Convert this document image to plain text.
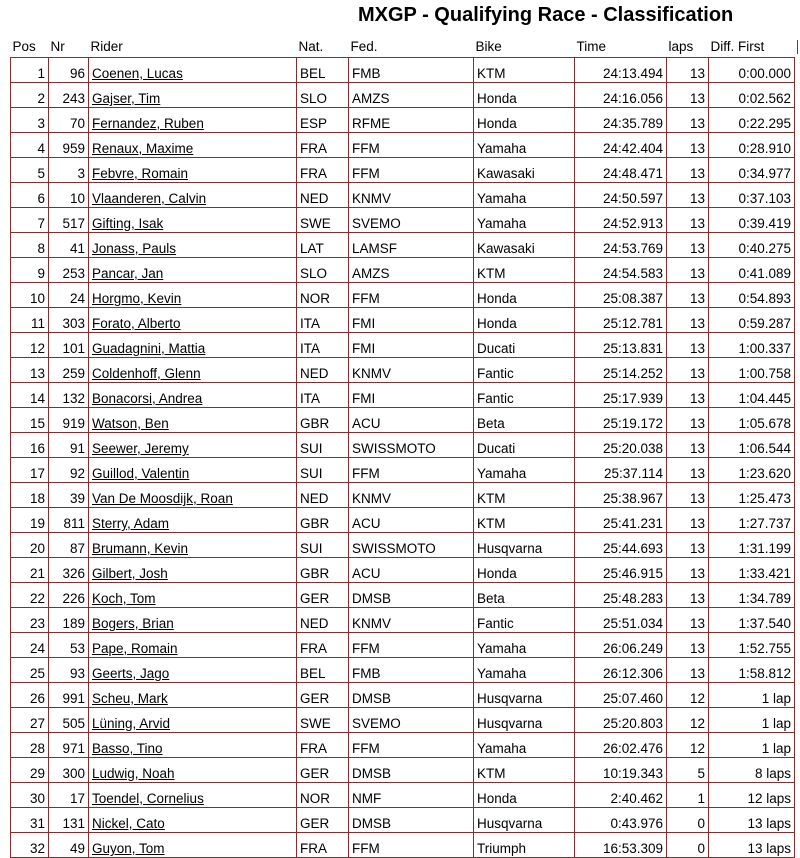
MXGP - Qualifying Race - Classification
Pos	Nr	Rider	Nat.	Fed.	Bike	Time	laps	Diff. First
1	96	Coenen, Lucas	BEL	FMB	KTM	24:13.494	13	0:00.000
2	243	Gajser, Tim	SLO	AMZS	Honda	24:16.056	13	0:02.562
3	70	Fernandez, Ruben	ESP	RFME	Honda	24:35.789	13	0:22.295
4	959	Renaux, Maxime	FRA	FFM	Yamaha	24:42.404	13	0:28.910
5	3	Febvre, Romain	FRA	FFM	Kawasaki	24:48.471	13	0:34.977
6	10	Vlaanderen, Calvin	NED	KNMV	Yamaha	24:50.597	13	0:37.103
7	517	Gifting, Isak	SWE	SVEMO	Yamaha	24:52.913	13	0:39.419
8	41	Jonass, Pauls	LAT	LAMSF	Kawasaki	24:53.769	13	0:40.275
9	253	Pancar, Jan	SLO	AMZS	KTM	24:54.583	13	0:41.089
10	24	Horgmo, Kevin	NOR	FFM	Honda	25:08.387	13	0:54.893
11	303	Forato, Alberto	ITA	FMI	Honda	25:12.781	13	0:59.287
12	101	Guadagnini, Mattia	ITA	FMI	Ducati	25:13.831	13	1:00.337
13	259	Coldenhoff, Glenn	NED	KNMV	Fantic	25:14.252	13	1:00.758
14	132	Bonacorsi, Andrea	ITA	FMI	Fantic	25:17.939	13	1:04.445
15	919	Watson, Ben	GBR	ACU	Beta	25:19.172	13	1:05.678
16	91	Seewer, Jeremy	SUI	SWISSMOTO	Ducati	25:20.038	13	1:06.544
17	92	Guillod, Valentin	SUI	FFM	Yamaha	25:37.114	13	1:23.620
18	39	Van De Moosdijk, Roan	NED	KNMV	KTM	25:38.967	13	1:25.473
19	811	Sterry, Adam	GBR	ACU	KTM	25:41.231	13	1:27.737
20	87	Brumann, Kevin	SUI	SWISSMOTO	Husqvarna	25:44.693	13	1:31.199
21	326	Gilbert, Josh	GBR	ACU	Honda	25:46.915	13	1:33.421
22	226	Koch, Tom	GER	DMSB	Beta	25:48.283	13	1:34.789
23	189	Bogers, Brian	NED	KNMV	Fantic	25:51.034	13	1:37.540
24	53	Pape, Romain	FRA	FFM	Yamaha	26:06.249	13	1:52.755
25	93	Geerts, Jago	BEL	FMB	Yamaha	26:12.306	13	1:58.812
26	991	Scheu, Mark	GER	DMSB	Husqvarna	25:07.460	12	1 lap
27	505	Lüning, Arvid	SWE	SVEMO	Husqvarna	25:20.803	12	1 lap
28	971	Basso, Tino	FRA	FFM	Yamaha	26:02.476	12	1 lap
29	300	Ludwig, Noah	GER	DMSB	KTM	10:19.343	5	8 laps
30	17	Toendel, Cornelius	NOR	NMF	Honda	2:40.462	1	12 laps
31	131	Nickel, Cato	GER	DMSB	Husqvarna	0:43.976	0	13 laps
32	49	Guyon, Tom	FRA	FFM	Triumph	16:53.309	0	13 laps
